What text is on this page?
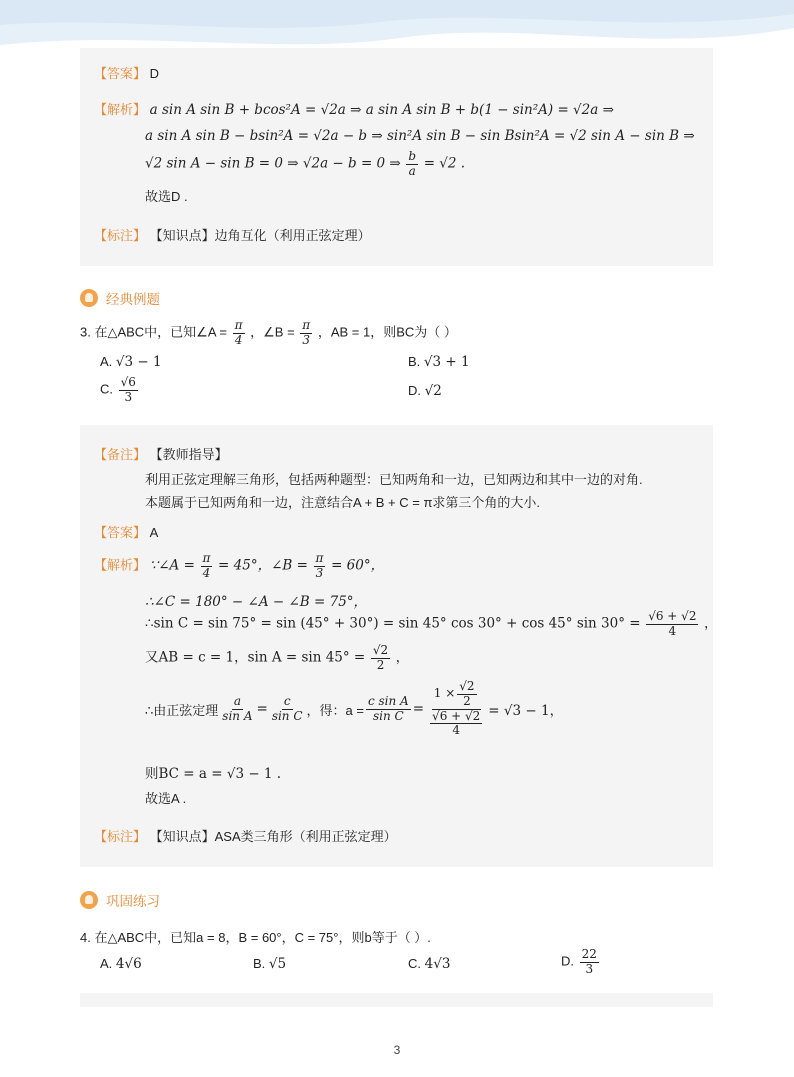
【答案】 D
【解析】 a sin A sin B + bcos²A = √2a ⇒ a sin A sin B + b(1 − sin²A) = √2a ⇒
a sin A sin B − bsin²A = √2a − b ⇒ sin²A sin B − sin Bsin²A = √2 sin A − sin B ⇒
√2 sin A − sin B = 0 ⇒ √2a − b = 0 ⇒ $\frac{b}{a} = √2$ .
故选D .
【标注】 【知识点】边角互化（利用正弦定理）
经典例题
3. 在△ABC中，已知∠A = $\frac{\pi}{4}$ ，∠B = $\frac{\pi}{3}$ ，AB = 1，则BC为（ ）
A. √3 − 1	B. √3 + 1
C. $\frac{√6}{3}$	D. √2
【备注】 【教师指导】
利用正弦定理解三角形，包括两种题型：已知两角和一边，已知两边和其中一边的对角.
本题属于已知两角和一边，注意结合A + B + C = π求第三个角的大小.
【答案】 A
【解析】 ∵∠A = $\frac{\pi}{4} = 45^\circ$，∠B = $\frac{\pi}{3} = 60^\circ$，
∴∠C = 180° − ∠A − ∠B = 75°，
∴sin C = sin 75° = sin (45° + 30°) = sin 45° cos 30° + cos 45° $\sin 30^\circ = \frac{√6 + √2}{4}$ ，
又AB = c = 1，$\sin A = \sin 45^\circ = \frac{√2}{2}$ ，
∴由正弦定理 $\frac{a}{\text{sin A}} = \frac{c}{\text{sin C}}$ ，得：$a = \frac{\text{c sin A}}{\text{sin C}} = \frac{1 \times \frac{√2}{2}}{\frac{√6 + √2}{4}} = √3 - 1$，
则BC = a = √3 − 1 .
故选A .
【标注】 【知识点】ASA类三角形（利用正弦定理）
巩固练习
4. 在△ABC中，已知a = 8，B = 60°，C = 75°，则b等于（ ）.
A. 4√6	B. √5	C. 4√3	D. $\frac{22}{3}$
3
